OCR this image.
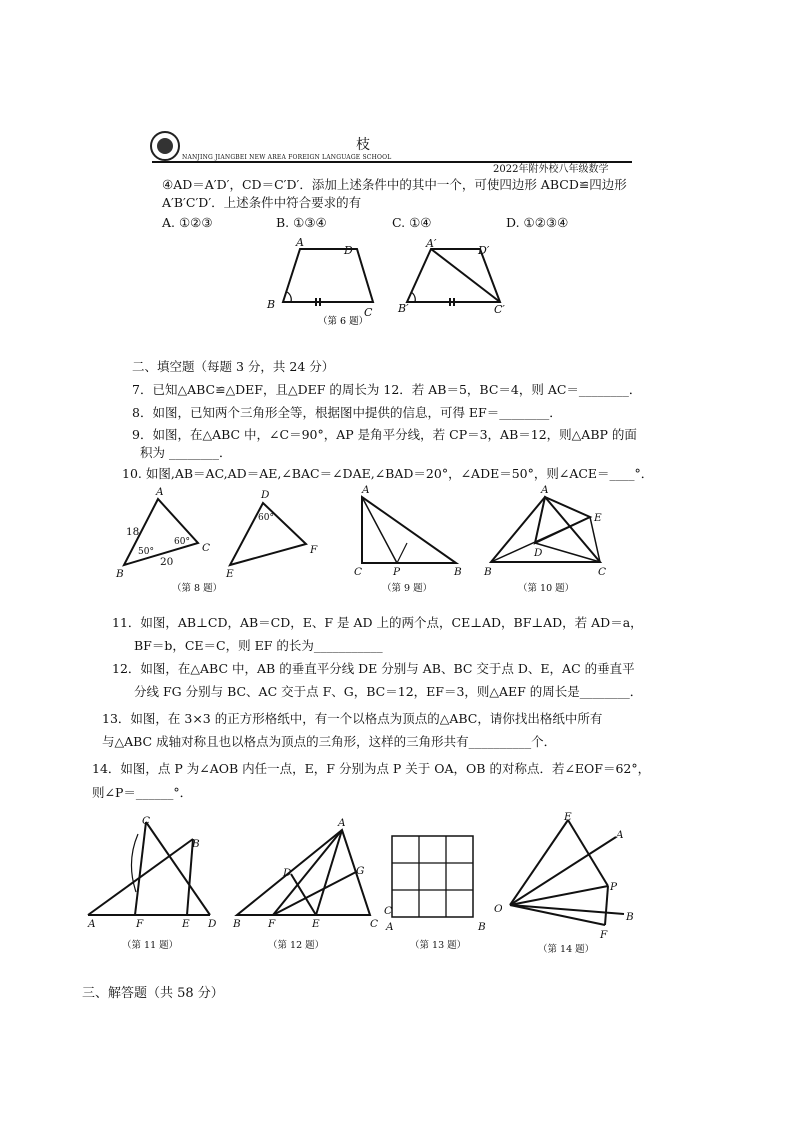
NANJING JIANGBEI NEW AREA FOREIGN LANGUAGE SCHOOL
枝
2022年附外校八年级数学
④AD＝A′D′，CD＝C′D′．添加上述条件中的其中一个，可使四边形 ABCD≌四边形
A′B′C′D′．上述条件中符合要求的有
A. ①②③	B. ①③④	C. ①④	D. ①②③④
A
D
B
C
A′
D′
B′	C′
（第 6 题）
二、填空题（每题 3 分，共 24 分）
7．已知△ABC≌△DEF，且△DEF 的周长为 12．若 AB＝5，BC＝4，则 AC＝________．
8．如图，已知两个三角形全等，根据图中提供的信息，可得 EF＝________．
9．如图，在△ABC 中，∠C＝90°，AP 是角平分线，若 CP＝3，AB＝12，则△ABP 的面
积为 ________．
10. 如图,AB＝AC,AD＝AE,∠BAC＝∠DAE,∠BAD＝20°，∠ADE＝50°，则∠ACE＝____°．
A
B
C
18
20
50°
60°
D
E
F
60°
A
C	P	B
A
E
D
B	C
（第 8 题）	（第 9 题）	（第 10 题）
11．如图，AB⊥CD，AB＝CD，E、F 是 AD 上的两个点，CE⊥AD，BF⊥AD，若 AD＝a，
BF＝b，CE＝C，则 EF 的长为___________
12．如图，在△ABC 中，AB 的垂直平分线 DE 分别与 AB、BC 交于点 D、E，AC 的垂直平
分线 FG 分别与 BC、AC 交于点 F、G，BC＝12，EF＝3，则△AEF 的周长是________．
13．如图，在 3×3 的正方形格纸中，有一个以格点为顶点的△ABC，请你找出格纸中所有
与△ABC 成轴对称且也以格点为顶点的三角形，这样的三角形共有__________个．
14．如图，点 P 为∠AOB 内任一点，E，F 分别为点 P 关于 OA，OB 的对称点．若∠EOF＝62°，
则∠P＝______°．
C
B
A	F	E D
A
D	G
B	F	E	C
C
A	B
E
A
P
O
B
F
（第 11 题）	（第 12 题）	（第 13 题）	（第 14 题）
三、解答题（共 58 分）
